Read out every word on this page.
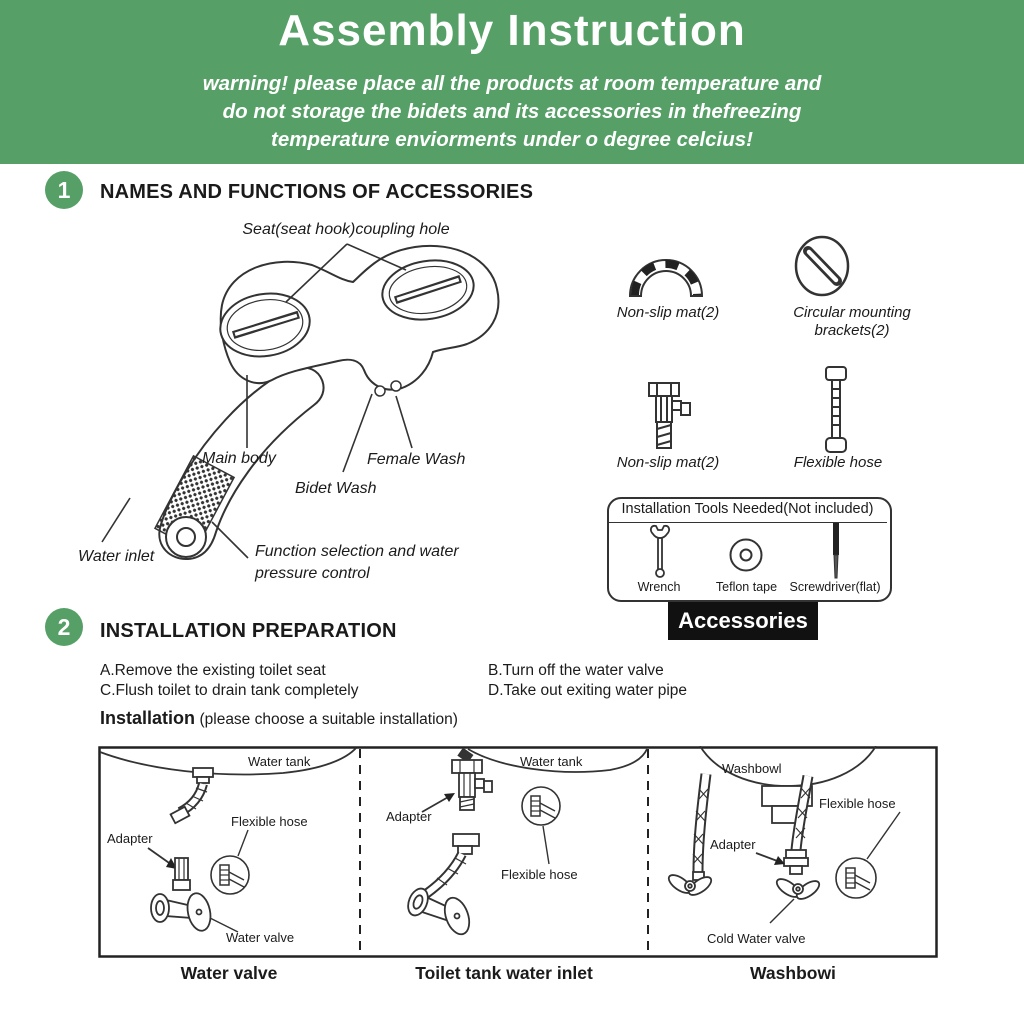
Assembly Instruction
warning! please place all the products at room temperature and
do not storage the bidets and its accessories in thefreezing
temperature enviorments under o degree celcius!
1	NAMES AND FUNCTIONS OF ACCESSORIES
Seat(seat hook)coupling hole
Main body	Female Wash
Bidet Wash
Water inlet	Function selection and water
pressure control
Non-slip mat(2)	Circular mounting
brackets(2)
Non-slip mat(2)	Flexible hose
Installation Tools Needed(Not included)
Wrench	Teflon tape Screwdriver(flat)
Accessories
2	INSTALLATION PREPARATION
A.Remove the existing toilet seat	B.Turn off the water valve
C.Flush toilet to drain tank completely	D.Take out exiting water pipe
Installation (please choose a suitable installation)
Water tank
Adapter
Flexible hose
Water valve
Water tank
Adapter
Flexible hose
Washbowl
Adapter
Flexible hose
Cold Water valve
Water valve	Toilet tank water inlet	Washbowi
